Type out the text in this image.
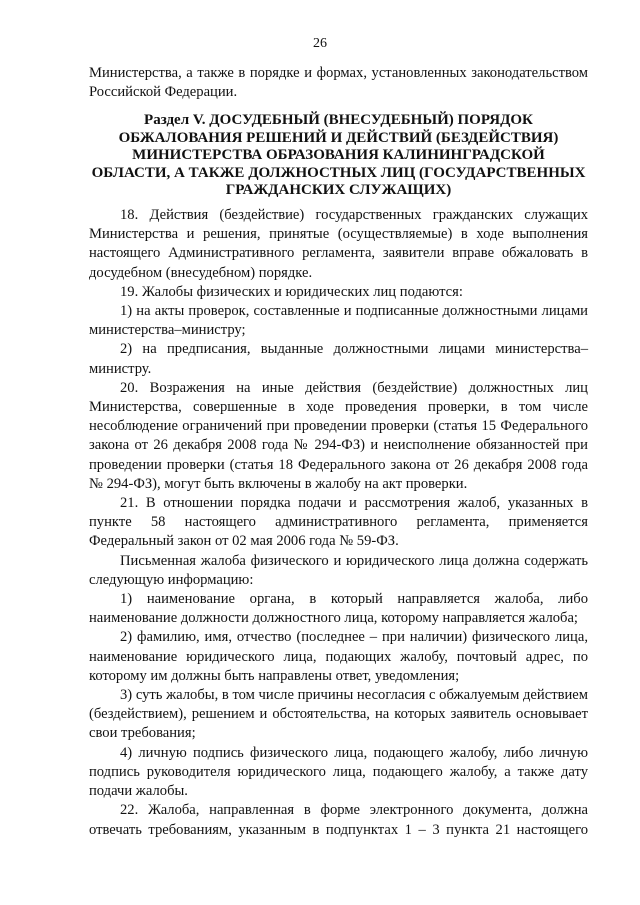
26

Министерства, а также в порядке и формах, установленных законодательством Российской Федерации.

Раздел V. ДОСУДЕБНЫЙ (ВНЕСУДЕБНЫЙ) ПОРЯДОК
ОБЖАЛОВАНИЯ РЕШЕНИЙ И ДЕЙСТВИЙ (БЕЗДЕЙСТВИЯ)
МИНИСТЕРСТВА ОБРАЗОВАНИЯ КАЛИНИНГРАДСКОЙ
ОБЛАСТИ, А ТАКЖЕ ДОЛЖНОСТНЫХ ЛИЦ (ГОСУДАРСТВЕННЫХ
ГРАЖДАНСКИХ СЛУЖАЩИХ)

18. Действия (бездействие) государственных гражданских служащих Министерства и решения, принятые (осуществляемые) в ходе выполнения настоящего Административного регламента, заявители вправе обжаловать в досудебном (внесудебном) порядке.

19. Жалобы физических и юридических лиц подаются:

1) на акты проверок, составленные и подписанные должностными лицами министерства–министру;

2) на предписания, выданные должностными лицами министерства–министру.

20. Возражения на иные действия (бездействие) должностных лиц Министерства, совершенные в ходе проведения проверки, в том числе несоблюдение ограничений при проведении проверки (статья 15 Федерального закона от 26 декабря 2008 года № 294-ФЗ) и неисполнение обязанностей при проведении проверки (статья 18 Федерального закона от 26 декабря 2008 года № 294-ФЗ), могут быть включены в жалобу на акт проверки.

21. В отношении порядка подачи и рассмотрения жалоб, указанных в пункте 58 настоящего административного регламента, применяется Федеральный закон от 02 мая 2006 года № 59-ФЗ.

Письменная жалоба физического и юридического лица должна содержать следующую информацию:

1) наименование органа, в который направляется жалоба, либо наименование должности должностного лица, которому направляется жалоба;

2) фамилию, имя, отчество (последнее – при наличии) физического лица, наименование юридического лица, подающих жалобу, почтовый адрес, по которому им должны быть направлены ответ, уведомления;

3) суть жалобы, в том числе причины несогласия с обжалуемым действием (бездействием), решением и обстоятельства, на которых заявитель основывает свои требования;

4) личную подпись физического лица, подающего жалобу, либо личную подпись руководителя юридического лица, подающего жалобу, а также дату подачи жалобы.

22. Жалоба, направленная в форме электронного документа, должна отвечать требованиям, указанным в подпунктах 1 – 3 пункта 21 настоящего
